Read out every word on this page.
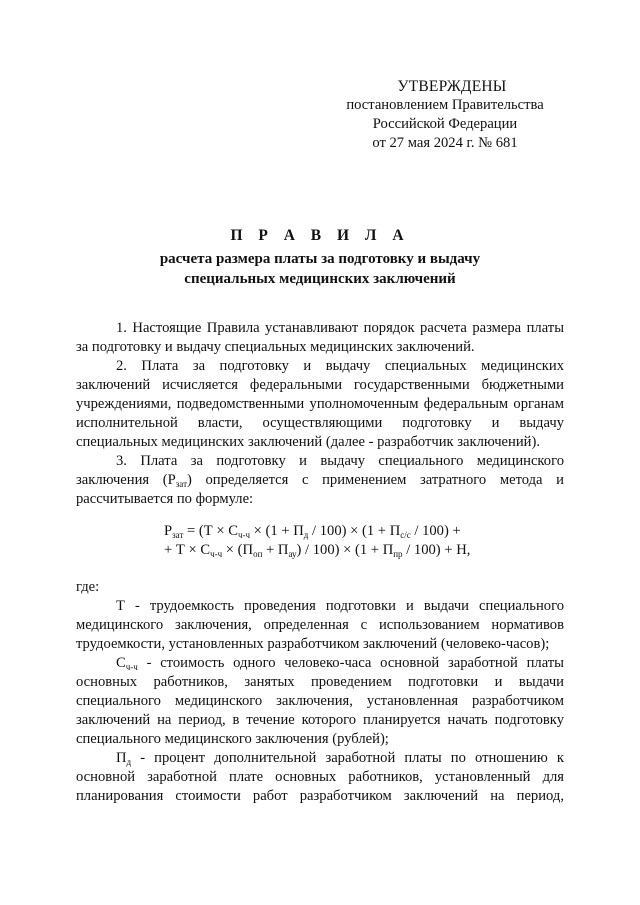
УТВЕРЖДЕНЫ
постановлением Правительства
Российской Федерации
от 27 мая 2024 г. № 681
П Р А В И Л А
расчета размера платы за подготовку и выдачу
специальных медицинских заключений

1. Настоящие Правила устанавливают порядок расчета размера платы за подготовку и выдачу специальных медицинских заключений.

2. Плата за подготовку и выдачу специальных медицинских заключений исчисляется федеральными государственными бюджетными учреждениями, подведомственными уполномоченным федеральным органам исполнительной власти, осуществляющими подготовку и выдачу специальных медицинских заключений (далее - разработчик заключений).

3. Плата за подготовку и выдачу специального медицинского заключения $(Р_{зат})$ определяется с применением затратного метода и рассчитывается по формуле:

$Р_{зат} = (Т \times С_{ч-ч} \times (1 + П_д / 100) \times (1 + П_{с/с} / 100)$ +
+ $Т \times С_{ч-ч} \times (П_{оп} + П_{ау}) / 100) \times (1 + П_{пр} / 100) + Н$,

где:

Т - трудоемкость проведения подготовки и выдачи специального медицинского заключения, определенная с использованием нормативов трудоемкости, установленных разработчиком заключений (человеко-часов);

$С_{ч-ч}$ - стоимость одного человеко-часа основной заработной платы основных работников, занятых проведением подготовки и выдачи специального медицинского заключения, установленная разработчиком заключений на период, в течение которого планируется начать подготовку специального медицинского заключения (рублей);

$П_д$ - процент дополнительной заработной платы по отношению к основной заработной плате основных работников, установленный для планирования стоимости работ разработчиком заключений на период,
